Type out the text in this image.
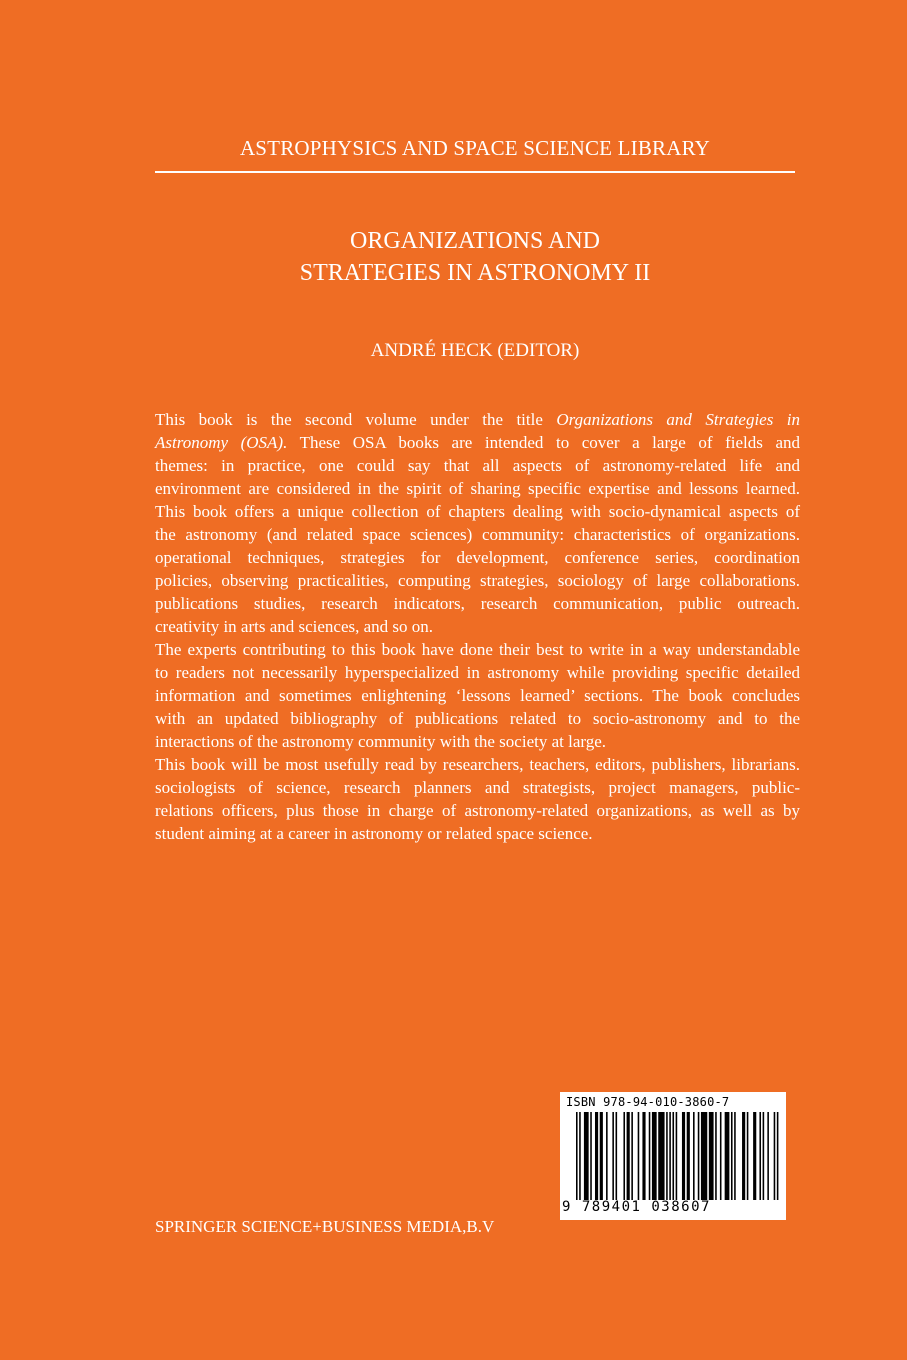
ASTROPHYSICS AND SPACE SCIENCE LIBRARY
ORGANIZATIONS AND
STRATEGIES IN ASTRONOMY II
ANDRÉ HECK (EDITOR)

This book is the second volume under the title Organizations and Strategies in
Astronomy (OSA). These OSA books are intended to cover a large of fields and
themes: in practice, one could say that all aspects of astronomy-related life and
environment are considered in the spirit of sharing specific expertise and lessons learned.

This book offers a unique collection of chapters dealing with socio-dynamical aspects of
the astronomy (and related space sciences) community: characteristics of organizations.
operational techniques, strategies for development, conference series, coordination
policies, observing practicalities, computing strategies, sociology of large collaborations.
publications studies, research indicators, research communication, public outreach.
creativity in arts and sciences, and so on.

The experts contributing to this book have done their best to write in a way understandable
to readers not necessarily hyperspecialized in astronomy while providing specific detailed
information and sometimes enlightening ‘lessons learned’ sections. The book concludes
with an updated bibliography of publications related to socio-astronomy and to the
interactions of the astronomy community with the society at large.

This book will be most usefully read by researchers, teachers, editors, publishers, librarians.
sociologists of science, research planners and strategists, project managers, public-
relations officers, plus those in charge of astronomy-related organizations, as well as by
student aiming at a career in astronomy or related space science.

ISBN 978-94-010-3860-7
9 789401 038607
SPRINGER SCIENCE+BUSINESS MEDIA,B.V
